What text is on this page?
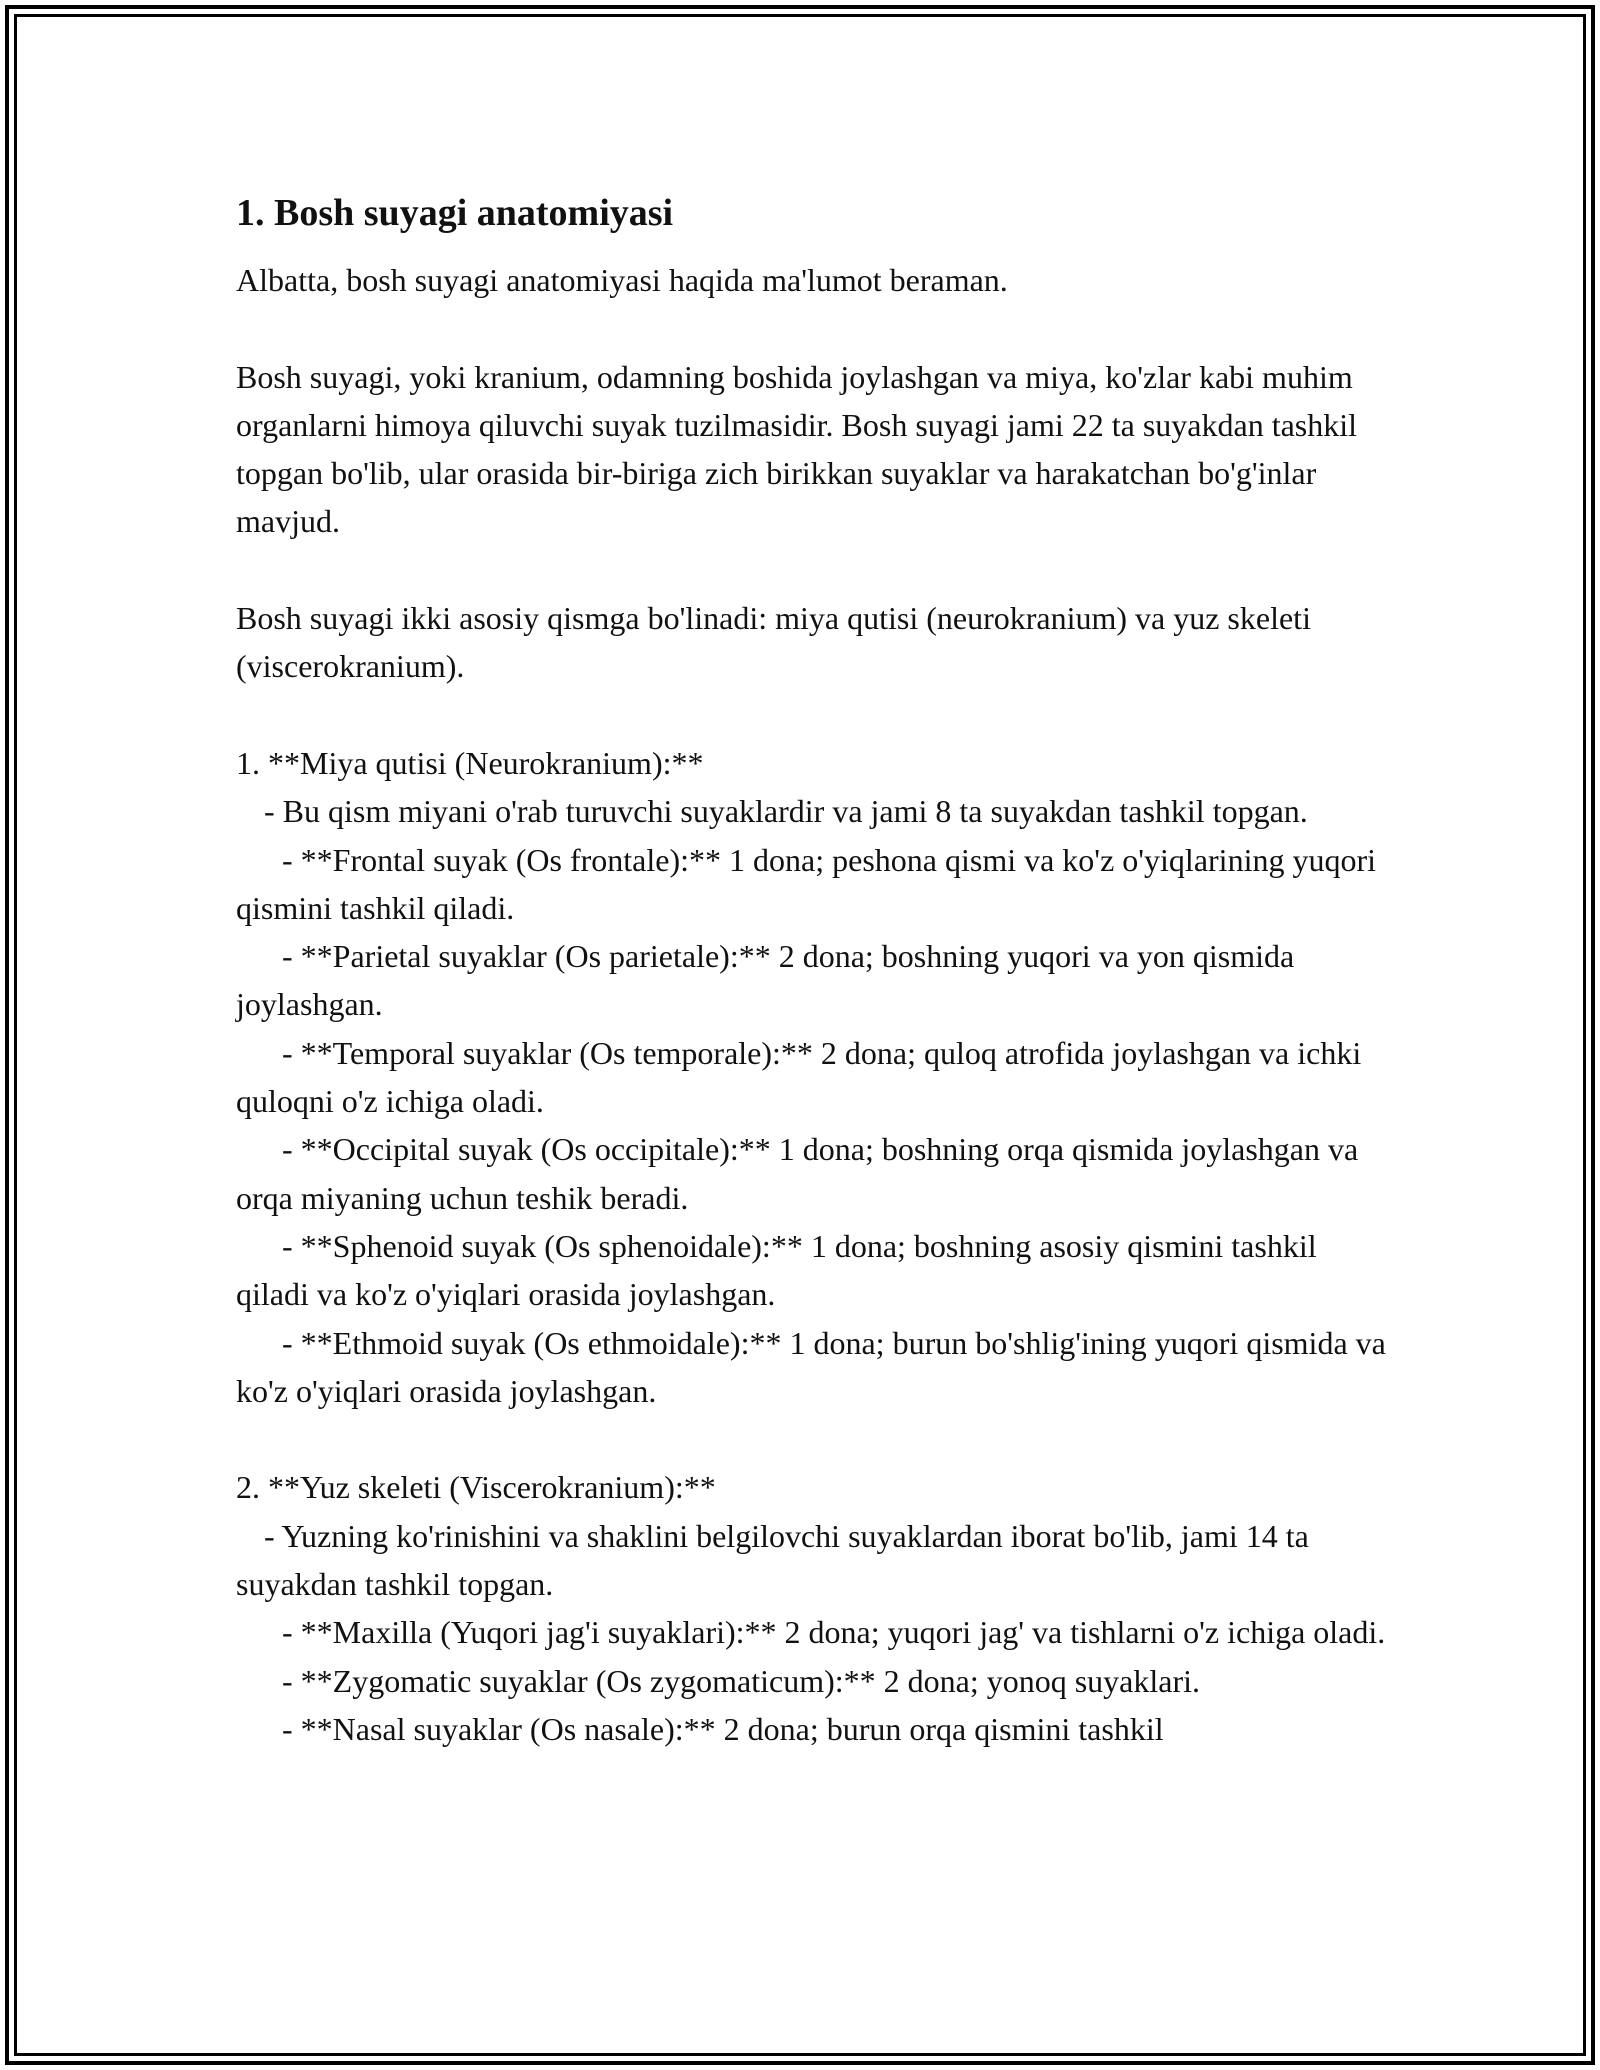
1. Bosh suyagi anatomiyasi

Albatta, bosh suyagi anatomiyasi haqida ma'lumot beraman.

Bosh suyagi, yoki kranium, odamning boshida joylashgan va miya, ko'zlar kabi muhim organlarni himoya qiluvchi suyak tuzilmasidir. Bosh suyagi jami 22 ta suyakdan tashkil topgan bo'lib, ular orasida bir-biriga zich birikkan suyaklar va harakatchan bo'g'inlar mavjud.

Bosh suyagi ikki asosiy qismga bo'linadi: miya qutisi (neurokranium) va yuz skeleti (viscerokranium).

1. **Miya qutisi (Neurokranium):**

- Bu qism miyani o'rab turuvchi suyaklardir va jami 8 ta suyakdan tashkil topgan.

- **Frontal suyak (Os frontale):** 1 dona; peshona qismi va ko'z o'yiqlarining yuqori qismini tashkil qiladi.

- **Parietal suyaklar (Os parietale):** 2 dona; boshning yuqori va yon qismida joylashgan.

- **Temporal suyaklar (Os temporale):** 2 dona; quloq atrofida joylashgan va ichki quloqni o'z ichiga oladi.

- **Occipital suyak (Os occipitale):** 1 dona; boshning orqa qismida joylashgan va orqa miyaning uchun teshik beradi.

- **Sphenoid suyak (Os sphenoidale):** 1 dona; boshning asosiy qismini tashkil qiladi va ko'z o'yiqlari orasida joylashgan.

- **Ethmoid suyak (Os ethmoidale):** 1 dona; burun bo'shlig'ining yuqori qismida va ko'z o'yiqlari orasida joylashgan.

2. **Yuz skeleti (Viscerokranium):**

- Yuzning ko'rinishini va shaklini belgilovchi suyaklardan iborat bo'lib, jami 14 ta suyakdan tashkil topgan.

- **Maxilla (Yuqori jag'i suyaklari):** 2 dona; yuqori jag' va tishlarni o'z ichiga oladi.

- **Zygomatic suyaklar (Os zygomaticum):** 2 dona; yonoq suyaklari.

- **Nasal suyaklar (Os nasale):** 2 dona; burun orqa qismini tashkil
